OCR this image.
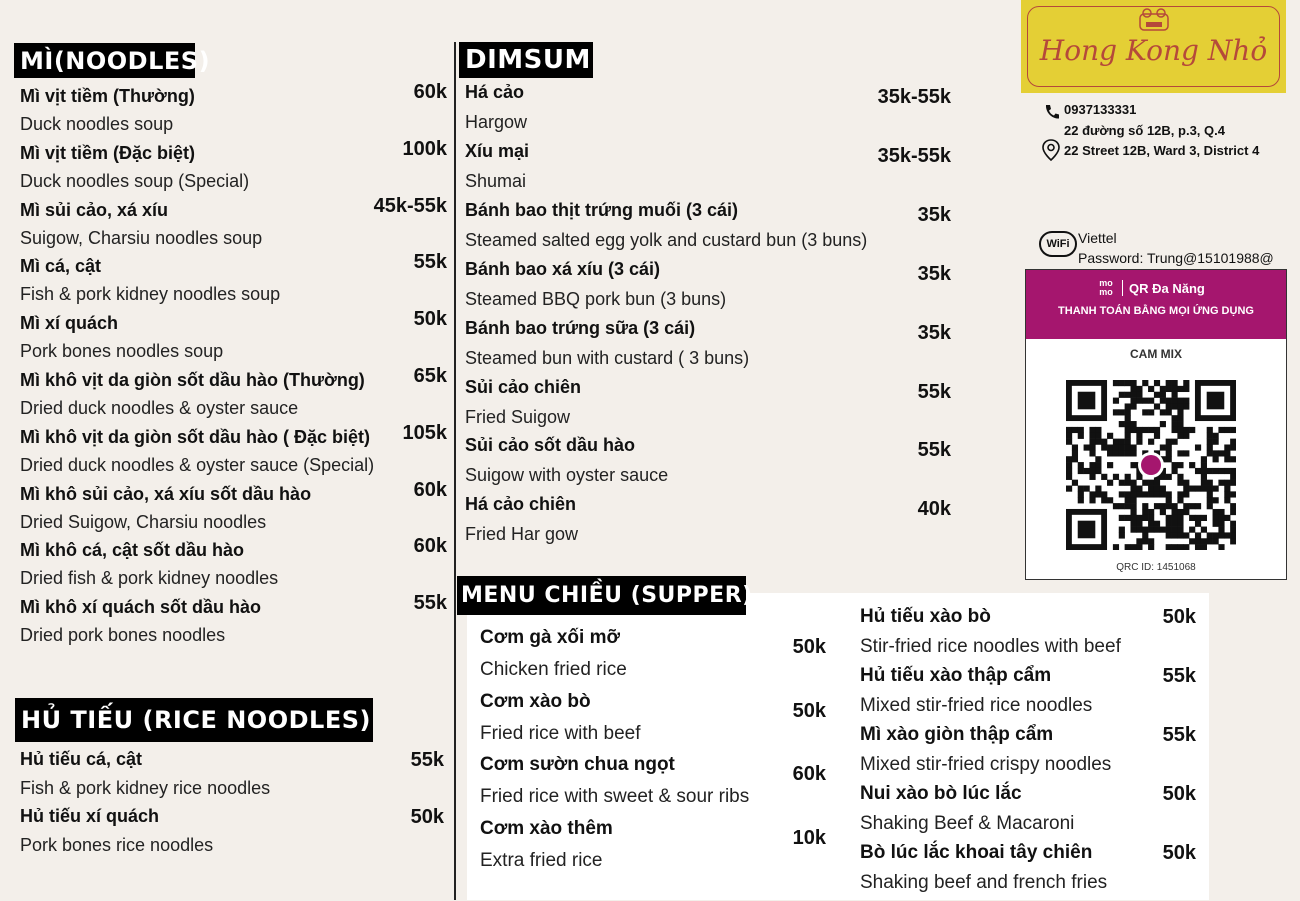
MÌ(NOODLES)
Mì vịt tiềm (Thường)
Duck noodles soup
60k
Mì vịt tiềm (Đặc biệt)
Duck noodles soup (Special)
100k
Mì sủi cảo, xá xíu
Suigow, Charsiu noodles soup
45k-55k
Mì cá, cật
Fish & pork kidney noodles soup
55k
Mì xí quách
Pork bones noodles soup
50k
Mì khô vịt da giòn sốt dầu hào (Thường)
Dried duck noodles & oyster sauce
65k
Mì khô vịt da giòn sốt dầu hào ( Đặc biệt)
Dried duck noodles & oyster sauce (Special)
105k
Mì khô sủi cảo, xá xíu sốt dầu hào
Dried Suigow, Charsiu noodles
60k
Mì khô cá, cật sốt dầu hào
Dried fish & pork kidney noodles
60k
Mì khô xí quách sốt dầu hào
Dried pork bones noodles
55k
HỦ TIẾU (RICE NOODLES)
Hủ tiếu cá, cật
Fish & pork kidney rice noodles
55k
Hủ tiếu xí quách
Pork bones rice noodles
50k
DIMSUM
Há cảo
Hargow
35k-55k
Xíu mại
Shumai
35k-55k
Bánh bao thịt trứng muối (3 cái)
Steamed salted egg yolk and custard bun (3 buns)
35k
Bánh bao xá xíu (3 cái)
Steamed BBQ pork bun (3 buns)
35k
Bánh bao trứng sữa (3 cái)
Steamed bun with custard ( 3 buns)
35k
Sủi cảo chiên
Fried Suigow
55k
Sủi cảo sốt dầu hào
Suigow with oyster sauce
55k
Há cảo chiên
Fried Har gow
40k
MENU CHIỀU (SUPPER)
Cơm gà xối mỡ
Chicken fried rice
50k
Cơm xào bò
Fried rice with beef
50k
Cơm sườn chua ngọt
Fried rice with sweet & sour ribs
60k
Cơm xào thêm
Extra fried rice
10k
Hủ tiếu xào bò
Stir-fried rice noodles with beef
50k
Hủ tiếu xào thập cẩm
Mixed stir-fried rice noodles
55k
Mì xào giòn thập cẩm
Mixed stir-fried crispy noodles
55k
Nui xào bò lúc lắc
Shaking Beef & Macaroni
50k
Bò lúc lắc khoai tây chiên
Shaking beef and french fries
50k
Hong Kong Nhỏ
0937133331
22 đường số 12B, p.3, Q.4
22 Street 12B, Ward 3, District 4
WiFi Viettel
Password: Trung@15101988@
mo mo QR Đa Năng
THANH TOÁN BẰNG MỌI ỨNG DỤNG
CAM MIX
QRC ID: 1451068
